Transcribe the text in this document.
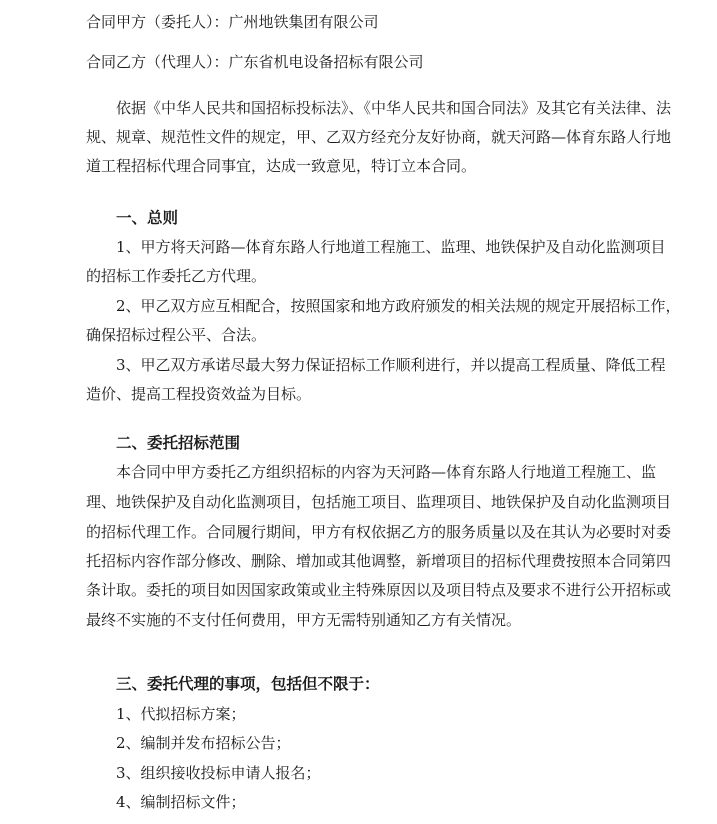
合同甲方（委托人）：广州地铁集团有限公司

合同乙方（代理人）：广东省机电设备招标有限公司

依据《中华人民共和国招标投标法》、《中华人民共和国合同法》及其它有关法律、法

规、规章、规范性文件的规定，甲、乙双方经充分友好协商，就天河路—体育东路人行地

道工程招标代理合同事宜，达成一致意见，特订立本合同。

一、总则

1、甲方将天河路—体育东路人行地道工程施工、监理、地铁保护及自动化监测项目

的招标工作委托乙方代理。

2、甲乙双方应互相配合，按照国家和地方政府颁发的相关法规的规定开展招标工作，

确保招标过程公平、合法。

3、甲乙双方承诺尽最大努力保证招标工作顺利进行，并以提高工程质量、降低工程

造价、提高工程投资效益为目标。

二、委托招标范围

本合同中甲方委托乙方组织招标的内容为天河路—体育东路人行地道工程施工、监

理、地铁保护及自动化监测项目，包括施工项目、监理项目、地铁保护及自动化监测项目

的招标代理工作。合同履行期间，甲方有权依据乙方的服务质量以及在其认为必要时对委

托招标内容作部分修改、删除、增加或其他调整，新增项目的招标代理费按照本合同第四

条计取。委托的项目如因国家政策或业主特殊原因以及项目特点及要求不进行公开招标或

最终不实施的不支付任何费用，甲方无需特别通知乙方有关情况。

三、委托代理的事项，包括但不限于：

1、代拟招标方案；

2、编制并发布招标公告；

3、组织接收投标申请人报名；

4、编制招标文件；
